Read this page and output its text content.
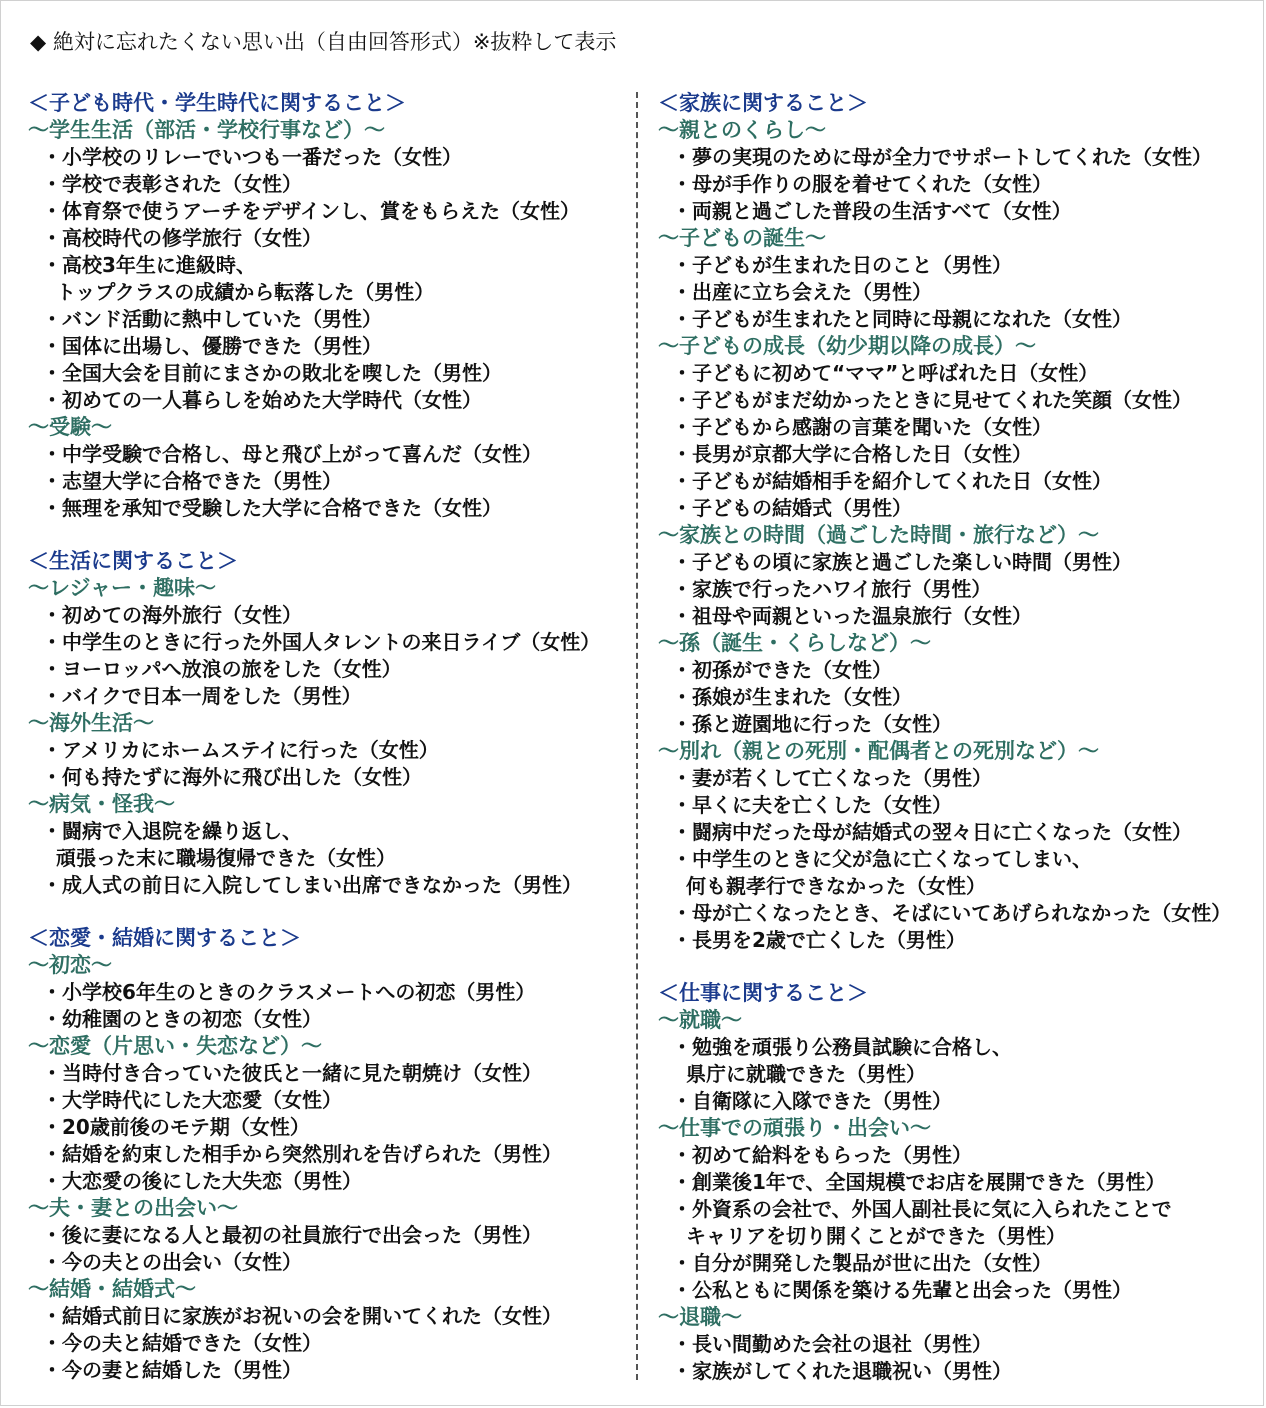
◆ 絶対に忘れたくない思い出（自由回答形式）※抜粋して表示
＜子ども時代・学生時代に関すること＞
～学生生活（部活・学校行事など）～
・小学校のリレーでいつも一番だった（女性）
・学校で表彰された（女性）
・体育祭で使うアーチをデザインし、賞をもらえた（女性）
・高校時代の修学旅行（女性）
・高校3年生に進級時、
トップクラスの成績から転落した（男性）
・バンド活動に熱中していた（男性）
・国体に出場し、優勝できた（男性）
・全国大会を目前にまさかの敗北を喫した（男性）
・初めての一人暮らしを始めた大学時代（女性）
～受験～
・中学受験で合格し、母と飛び上がって喜んだ（女性）
・志望大学に合格できた（男性）
・無理を承知で受験した大学に合格できた（女性）
＜生活に関すること＞
～レジャー・趣味～
・初めての海外旅行（女性）
・中学生のときに行った外国人タレントの来日ライブ（女性）
・ヨーロッパへ放浪の旅をした（女性）
・バイクで日本一周をした（男性）
～海外生活～
・アメリカにホームステイに行った（女性）
・何も持たずに海外に飛び出した（女性）
～病気・怪我～
・闘病で入退院を繰り返し、
頑張った末に職場復帰できた（女性）
・成人式の前日に入院してしまい出席できなかった（男性）
＜恋愛・結婚に関すること＞
～初恋～
・小学校6年生のときのクラスメートへの初恋（男性）
・幼稚園のときの初恋（女性）
～恋愛（片思い・失恋など）～
・当時付き合っていた彼氏と一緒に見た朝焼け（女性）
・大学時代にした大恋愛（女性）
・20歳前後のモテ期（女性）
・結婚を約束した相手から突然別れを告げられた（男性）
・大恋愛の後にした大失恋（男性）
～夫・妻との出会い～
・後に妻になる人と最初の社員旅行で出会った（男性）
・今の夫との出会い（女性）
～結婚・結婚式～
・結婚式前日に家族がお祝いの会を開いてくれた（女性）
・今の夫と結婚できた（女性）
・今の妻と結婚した（男性）
＜家族に関すること＞
～親とのくらし～
・夢の実現のために母が全力でサポートしてくれた（女性）
・母が手作りの服を着せてくれた（女性）
・両親と過ごした普段の生活すべて（女性）
～子どもの誕生～
・子どもが生まれた日のこと（男性）
・出産に立ち会えた（男性）
・子どもが生まれたと同時に母親になれた（女性）
～子どもの成長（幼少期以降の成長）～
・子どもに初めて“ママ”と呼ばれた日（女性）
・子どもがまだ幼かったときに見せてくれた笑顔（女性）
・子どもから感謝の言葉を聞いた（女性）
・長男が京都大学に合格した日（女性）
・子どもが結婚相手を紹介してくれた日（女性）
・子どもの結婚式（男性）
～家族との時間（過ごした時間・旅行など）～
・子どもの頃に家族と過ごした楽しい時間（男性）
・家族で行ったハワイ旅行（男性）
・祖母や両親といった温泉旅行（女性）
～孫（誕生・くらしなど）～
・初孫ができた（女性）
・孫娘が生まれた（女性）
・孫と遊園地に行った（女性）
～別れ（親との死別・配偶者との死別など）～
・妻が若くして亡くなった（男性）
・早くに夫を亡くした（女性）
・闘病中だった母が結婚式の翌々日に亡くなった（女性）
・中学生のときに父が急に亡くなってしまい、
何も親孝行できなかった（女性）
・母が亡くなったとき、そばにいてあげられなかった（女性）
・長男を2歳で亡くした（男性）
＜仕事に関すること＞
～就職～
・勉強を頑張り公務員試験に合格し、
県庁に就職できた（男性）
・自衛隊に入隊できた（男性）
～仕事での頑張り・出会い～
・初めて給料をもらった（男性）
・創業後1年で、全国規模でお店を展開できた（男性）
・外資系の会社で、外国人副社長に気に入られたことで
キャリアを切り開くことができた（男性）
・自分が開発した製品が世に出た（女性）
・公私ともに関係を築ける先輩と出会った（男性）
～退職～
・長い間勤めた会社の退社（男性）
・家族がしてくれた退職祝い（男性）
